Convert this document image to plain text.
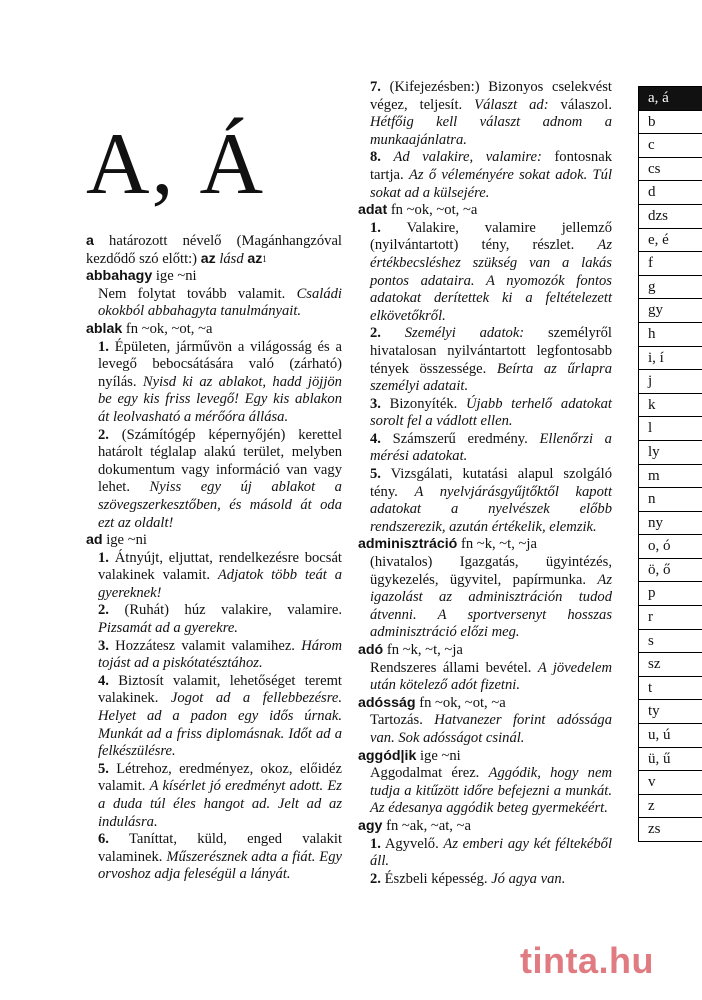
A, Á

a határozott névelő (Magánhangzóval kezdődő szó előtt:) az lásd $az^1$

abbahagy ige ~ni

Nem folytat tovább valamit. Családi okokból abbahagyta tanulmányait.

ablak fn ~ok, ~ot, ~a

1. Épületen, járművön a világosság és a levegő bebocsátására való (zárható) nyílás. Nyisd ki az ablakot, hadd jöjjön be egy kis friss levegő! Egy kis ablakon át leolvasható a mérőóra állása.

2. (Számítógép képernyőjén) kerettel határolt téglalap alakú terület, melyben dokumentum vagy információ van vagy lehet. Nyiss egy új ablakot a szövegszerkesztőben, és másold át oda ezt az oldalt!

ad ige ~ni

1. Átnyújt, eljuttat, rendelkezésre bocsát valakinek valamit. Adjatok több teát a gyereknek!

2. (Ruhát) húz valakire, valamire. Pizsamát ad a gyerekre.

3. Hozzátesz valamit valamihez. Három tojást ad a piskótatésztához.

4. Biztosít valamit, lehetőséget teremt valakinek. Jogot ad a fellebbezésre. Helyet ad a padon egy idős úrnak. Munkát ad a friss diplomásnak. Időt ad a felkészülésre.

5. Létrehoz, eredményez, okoz, előidéz valamit. A kísérlet jó eredményt adott. Ez a duda túl éles hangot ad. Jelt ad az indulásra.

6. Taníttat, küld, enged valakit valaminek. Műszerésznek adta a fiát. Egy orvoshoz adja feleségül a lányát.

7. (Kifejezésben:) Bizonyos cselekvést végez, teljesít. Választ ad: válaszol. Hétfőig kell választ adnom a munkaajánlatra.

8. Ad valakire, valamire: fontosnak tartja. Az ő véleményére sokat adok. Túl sokat ad a külsejére.

adat fn ~ok, ~ot, ~a

1. Valakire, valamire jellemző (nyilvántartott) tény, részlet. Az értékbecsléshez szükség van a lakás pontos adataira. A nyomozók fontos adatokat derítettek ki a feltételezett elkövetőkről.

2. Személyi adatok: személyről hivatalosan nyilvántartott legfontosabb tények összessége. Beírta az űrlapra személyi adatait.

3. Bizonyíték. Újabb terhelő adatokat sorolt fel a vádlott ellen.

4. Számszerű eredmény. Ellenőrzi a mérési adatokat.

5. Vizsgálati, kutatási alapul szolgáló tény. A nyelvjárásgyűjtőktől kapott adatokat a nyelvészek előbb rendszerezik, azután értékelik, elemzik.

adminisztráció fn ~k, ~t, ~ja

(hivatalos) Igazgatás, ügyintézés, ügykezelés, ügyvitel, papírmunka. Az igazolást az adminisztráción tudod átvenni. A sportversenyt hosszas adminisztráció előzi meg.

adó fn ~k, ~t, ~ja

Rendszeres állami bevétel. A jövedelem után kötelező adót fizetni.

adósság fn ~ok, ~ot, ~a

Tartozás. Hatvanezer forint adóssága van. Sok adósságot csinál.

aggód|ik ige ~ni

Aggodalmat érez. Aggódik, hogy nem tudja a kitűzött időre befejezni a munkát. Az édesanya aggódik beteg gyermekéért.

agy fn ~ak, ~at, ~a

1. Agyvelő. Az emberi agy két féltekéből áll.

2. Észbeli képesség. Jó agya van.

a, á
b
c
cs
d
dzs
e, é
f
g
gy
h
i, í
j
k
l
ly
m
n
ny
o, ó
ö, ő
p
r
s
sz
t
ty
u, ú
ü, ű
v
z
zs
tinta.hu
